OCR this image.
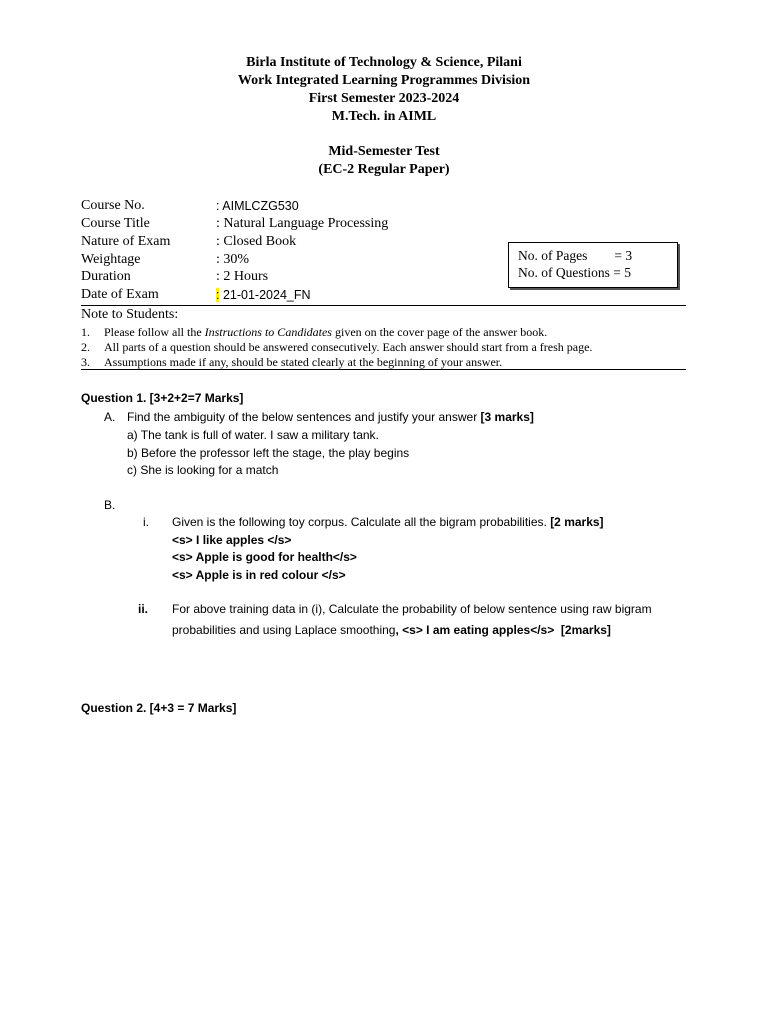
Birla Institute of Technology & Science, Pilani
Work Integrated Learning Programmes Division
First Semester 2023-2024
M.Tech. in AIML
Mid-Semester Test
(EC-2 Regular Paper)
Course No.	: AIMLCZG530
Course Title	: Natural Language Processing
Nature of Exam	: Closed Book
Weightage	: 30%
Duration	: 2 Hours
Date of Exam	: 21-01-2024_FN
No. of Pages        = 3
No. of Questions = 5
Note to Students:
1. Please follow all the Instructions to Candidates given on the cover page of the answer book.
2. All parts of a question should be answered consecutively. Each answer should start from a fresh page.
3. Assumptions made if any, should be stated clearly at the beginning of your answer.
Question 1. [3+2+2=7 Marks]
A. Find the ambiguity of the below sentences and justify your answer [3 marks]
a) The tank is full of water. I saw a military tank.
b) Before the professor left the stage, the play begins
c) She is looking for a match
B.
i. Given is the following toy corpus. Calculate all the bigram probabilities. [2 marks]
<s> I like apples </s>
<s> Apple is good for health</s>
<s> Apple is in red colour </s>
ii. For above training data in (i), Calculate the probability of below sentence using raw bigram
probabilities and using Laplace smoothing, <s> I am eating apples</s>  [2marks]
Question 2. [4+3 = 7 Marks]
